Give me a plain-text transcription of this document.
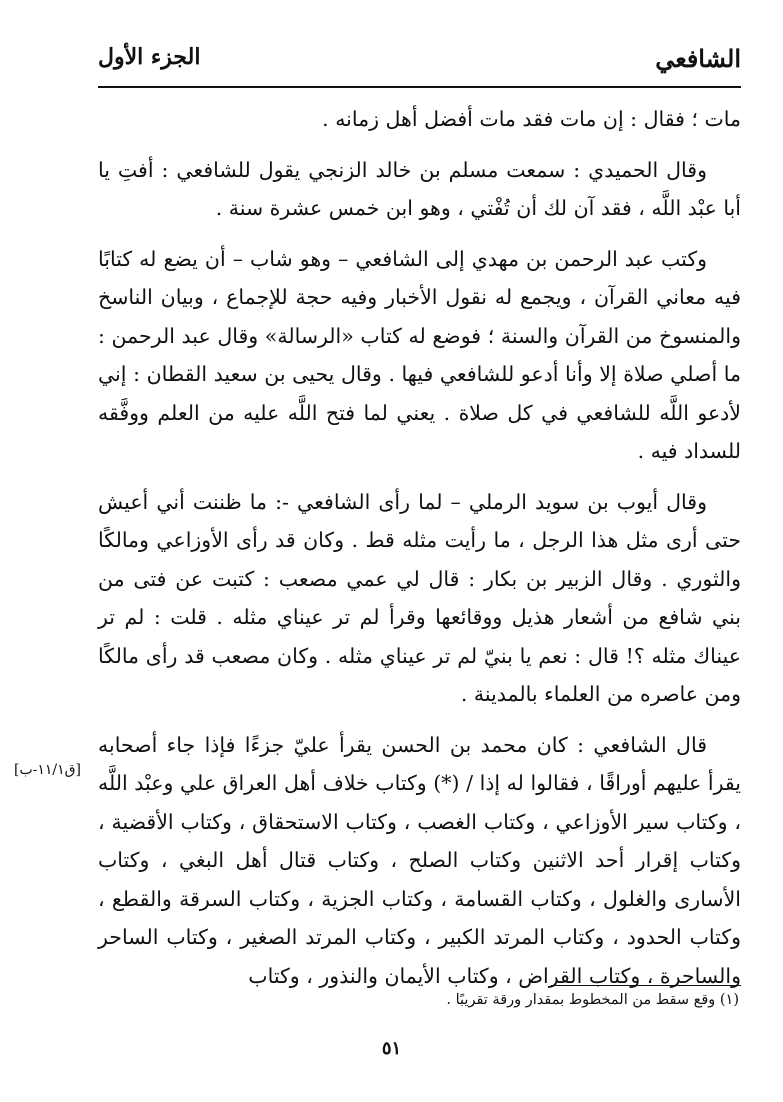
الشافعي
الجزء الأول

مات ؛ فقال : إن مات فقد مات أفضل أهل زمانه .

وقال الحميدي : سمعت مسلم بن خالد الزنجي يقول للشافعي : أفتِ يا أبا عبْد اللَّه ، فقد آن لك أن تُفْتي ، وهو ابن خمس عشرة سنة .

وكتب عبد الرحمن بن مهدي إلى الشافعي – وهو شاب – أن يضع له كتابًا فيه معاني القرآن ، ويجمع له نقول الأخبار وفيه حجة للإجماع ، وبيان الناسخ والمنسوخ من القرآن والسنة ؛ فوضع له كتاب «الرسالة» وقال عبد الرحمن : ما أصلي صلاة إلا وأنا أدعو للشافعي فيها . وقال يحيى بن سعيد القطان : إني لأدعو اللَّه للشافعي في كل صلاة . يعني لما فتح اللَّه عليه من العلم ووفَّقه للسداد فيه .

وقال أيوب بن سويد الرملي – لما رأى الشافعي -: ما ظننت أني أعيش حتى أرى مثل هذا الرجل ، ما رأيت مثله قط . وكان قد رأى الأوزاعي ومالكًا والثوري . وقال الزبير بن بكار : قال لي عمي مصعب : كتبت عن فتى من بني شافع من أشعار هذيل ووقائعها وقرأ لم تر عيناي مثله . قلت : لم تر عيناك مثله ؟! قال : نعم يا بنيّ لم تر عيناي مثله . وكان مصعب قد رأى مالكًا ومن عاصره من العلماء بالمدينة .

قال الشافعي : كان محمد بن الحسن يقرأ عليّ جزءًا فإذا جاء أصحابه يقرأ عليهم أوراقًا ، فقالوا له إذا / (*) وكتاب خلاف أهل العراق علي وعبْد اللَّه ، وكتاب سير الأوزاعي ، وكتاب الغصب ، وكتاب الاستحقاق ، وكتاب الأقضية ، وكتاب إقرار أحد الاثنين وكتاب الصلح ، وكتاب قتال أهل البغي ، وكتاب الأسارى والغلول ، وكتاب القسامة ، وكتاب الجزية ، وكتاب السرقة والقطع ، وكتاب الحدود ، وكتاب المرتد الكبير ، وكتاب المرتد الصغير ، وكتاب الساحر والساحرة ، وكتاب القراض ، وكتاب الأيمان والنذور ، وكتاب

[ق١١/١-ب]
(١) وقع سقط من المخطوط بمقدار ورقة تقريبًا .
٥١
